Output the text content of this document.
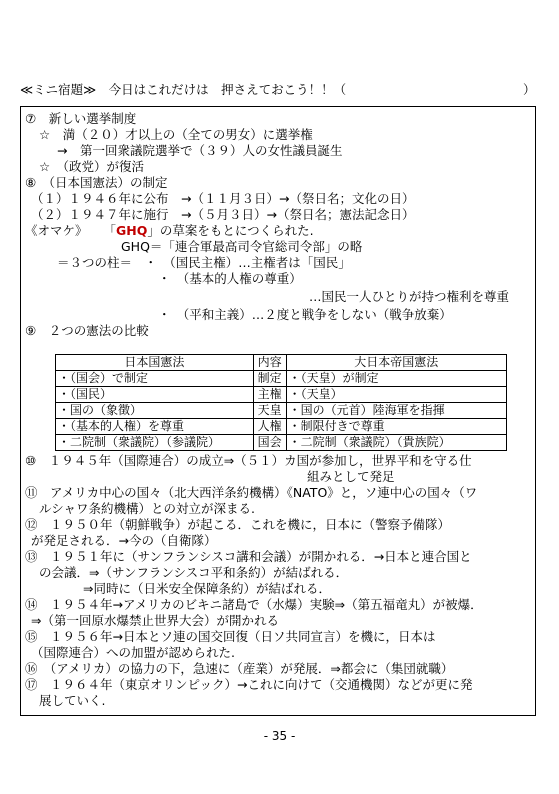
≪ミニ宿題≫　今日はこれだけは　押さえておこう！！（	）
⑦　新しい選挙制度
☆　満（２０）才以上の（全ての男女）に選挙権
→　第一回衆議院選挙で（３９）人の女性議員誕生
☆　（政党）が復活
⑧　（日本国憲法）の制定
（１）１９４６年に公布　→（１１月３日）→（祭日名；文化の日）
（２）１９４７年に施行　→（５月３日）→（祭日名；憲法記念日）
《オマケ》 「GHQ」の草案をもとにつくられた.
GHQ＝「連合軍最高司令官総司令部」の略
＝３つの柱＝　・　（国民主権）…主権者は「国民」
・　（基本的人権の尊重）
…国民一人ひとりが持つ権利を尊重
・　（平和主義）…２度と戦争をしない（戦争放棄）
⑨　２つの憲法の比較
⑩　１９４５年（国際連合）の成立⇒（５１）カ国が参加し，世界平和を守る仕
組みとして発足
⑪　アメリカ中心の国々（北大西洋条約機構）《NATO》と，ソ連中心の国々（ワ
ルシャワ条約機構）との対立が深まる.
⑫　１９５０年（朝鮮戦争）が起こる．これを機に，日本に（警察予備隊）
が発足される．→今の（自衛隊）
⑬　１９５１年に（サンフランシスコ講和会議）が開かれる．→日本と連合国と
の会議．⇒（サンフランシスコ平和条約）が結ばれる．
⇒同時に（日米安全保障条約）が結ばれる．
⑭　１９５４年→アメリカのビキニ諸島で（水爆）実験⇒（第五福竜丸）が被爆．
⇒（第一回原水爆禁止世界大会）が開かれる
⑮　１９５６年→日本とソ連の国交回復（日ソ共同宣言）を機に，日本は
（国際連合）への加盟が認められた.
⑯　（アメリカ）の協力の下，急速に（産業）が発展．⇒都会に（集団就職）
⑰　１９６４年（東京オリンピック）→これに向けて（交通機関）などが更に発
展していく.
日本国憲法	内容	大日本帝国憲法
・（国会）で制定	制定	・（天皇）が制定
・（国民）	主権	・（天皇）
・国の（象徴）	天皇	・国の（元首）陸海軍を指揮
・（基本的人権）を尊重	人権	・制限付きで尊重
・二院制（衆議院）（参議院）	国会	・二院制（衆議院）（貴族院）
- 35 -
